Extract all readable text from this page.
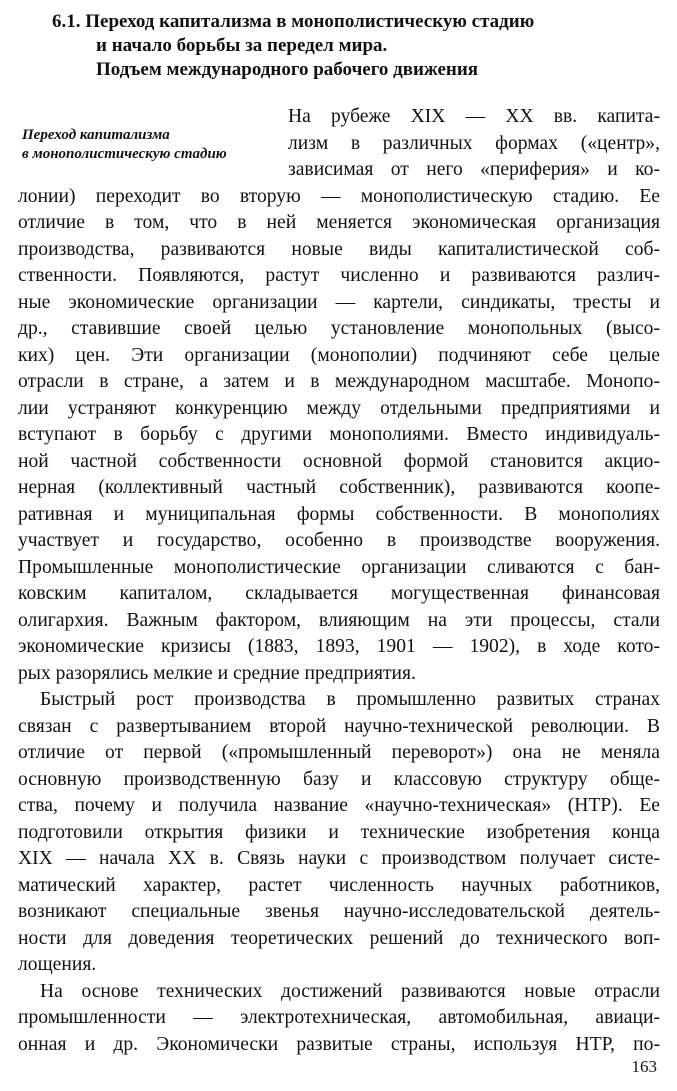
6.1. Переход капитализма в монополистическую стадию
и начало борьбы за передел мира.
Подъем международного рабочего движения
Переход капитализма
в монополистическую стадию
На рубеже XIX — XX вв. капита-
лизм в различных формах («центр»,
зависимая от него «периферия» и ко-
лонии) переходит во вторую — монополистическую стадию. Ее
отличие в том, что в ней меняется экономическая организация
производства, развиваются новые виды капиталистической соб-
ственности. Появляются, растут численно и развиваются различ-
ные экономические организации — картели, синдикаты, тресты и
др., ставившие своей целью установление монопольных (высо-
ких) цен. Эти организации (монополии) подчиняют себе целые
отрасли в стране, а затем и в международном масштабе. Монопо-
лии устраняют конкуренцию между отдельными предприятиями и
вступают в борьбу с другими монополиями. Вместо индивидуаль-
ной частной собственности основной формой становится акцио-
нерная (коллективный частный собственник), развиваются коопе-
ративная и муниципальная формы собственности. В монополиях
участвует и государство, особенно в производстве вооружения.
Промышленные монополистические организации сливаются с бан-
ковским капиталом, складывается могущественная финансовая
олигархия. Важным фактором, влияющим на эти процессы, стали
экономические кризисы (1883, 1893, 1901 — 1902), в ходе кото-
рых разорялись мелкие и средние предприятия.
Быстрый рост производства в промышленно развитых странах
связан с развертыванием второй научно-технической революции. В
отличие от первой («промышленный переворот») она не меняла
основную производственную базу и классовую структуру обще-
ства, почему и получила название «научно-техническая» (НТР). Ее
подготовили открытия физики и технические изобретения конца
XIX — начала XX в. Связь науки с производством получает систе-
матический характер, растет численность научных работников,
возникают специальные звенья научно-исследовательской деятель-
ности для доведения теоретических решений до технического воп-
лощения.
На основе технических достижений развиваются новые отрасли
промышленности — электротехническая, автомобильная, авиаци-
онная и др. Экономически развитые страны, используя НТР, по-
163
